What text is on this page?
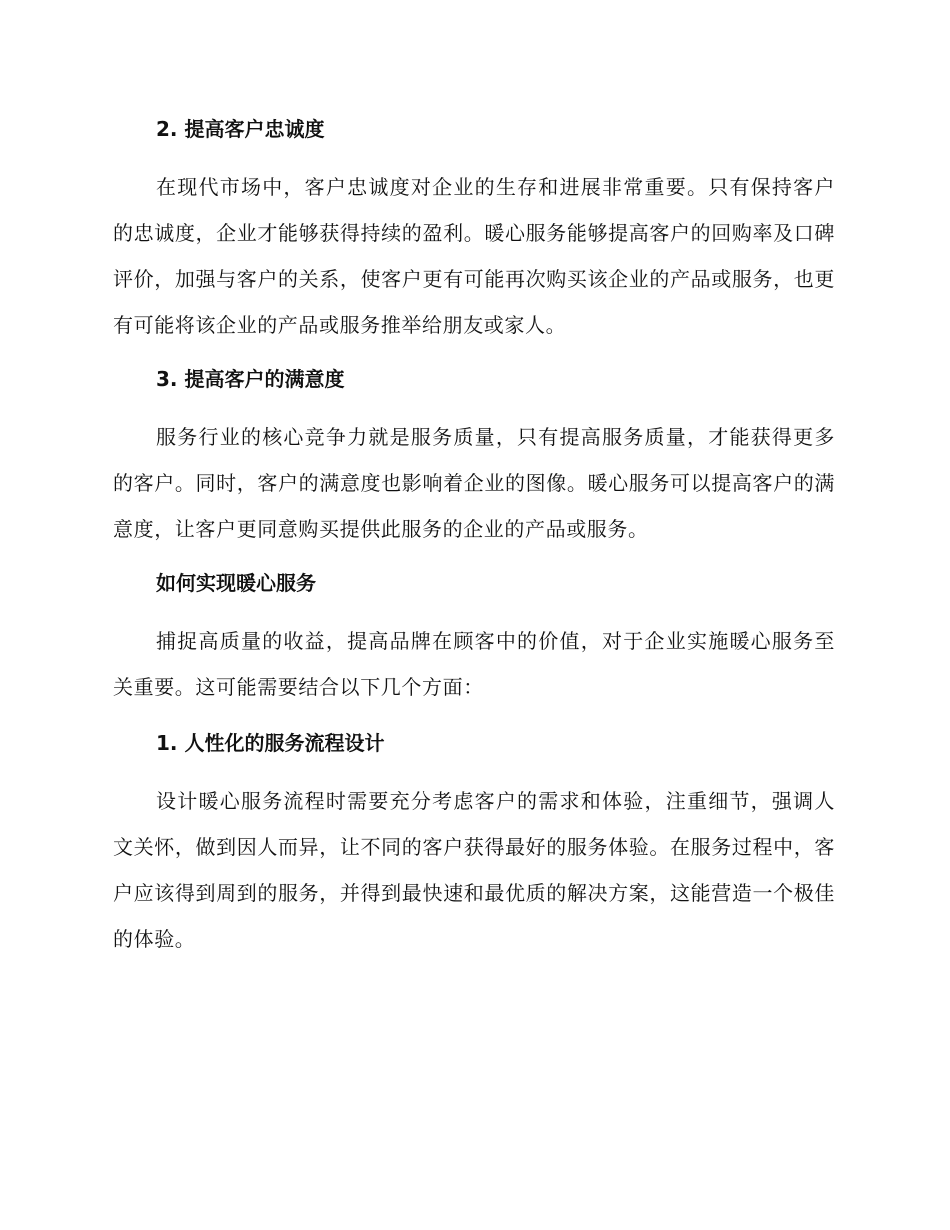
2. 提高客户忠诚度

在现代市场中，客户忠诚度对企业的生存和进展非常重要。只有保持客户的忠诚度，企业才能够获得持续的盈利。暖心服务能够提高客户的回购率及口碑评价，加强与客户的关系，使客户更有可能再次购买该企业的产品或服务，也更有可能将该企业的产品或服务推举给朋友或家人。

3. 提高客户的满意度

服务行业的核心竞争力就是服务质量，只有提高服务质量，才能获得更多的客户。同时，客户的满意度也影响着企业的图像。暖心服务可以提高客户的满意度，让客户更同意购买提供此服务的企业的产品或服务。

如何实现暖心服务

捕捉高质量的收益，提高品牌在顾客中的价值，对于企业实施暖心服务至关重要。这可能需要结合以下几个方面：

1. 人性化的服务流程设计

设计暖心服务流程时需要充分考虑客户的需求和体验，注重细节，强调人文关怀，做到因人而异，让不同的客户获得最好的服务体验。在服务过程中，客户应该得到周到的服务，并得到最快速和最优质的解决方案，这能营造一个极佳的体验。
